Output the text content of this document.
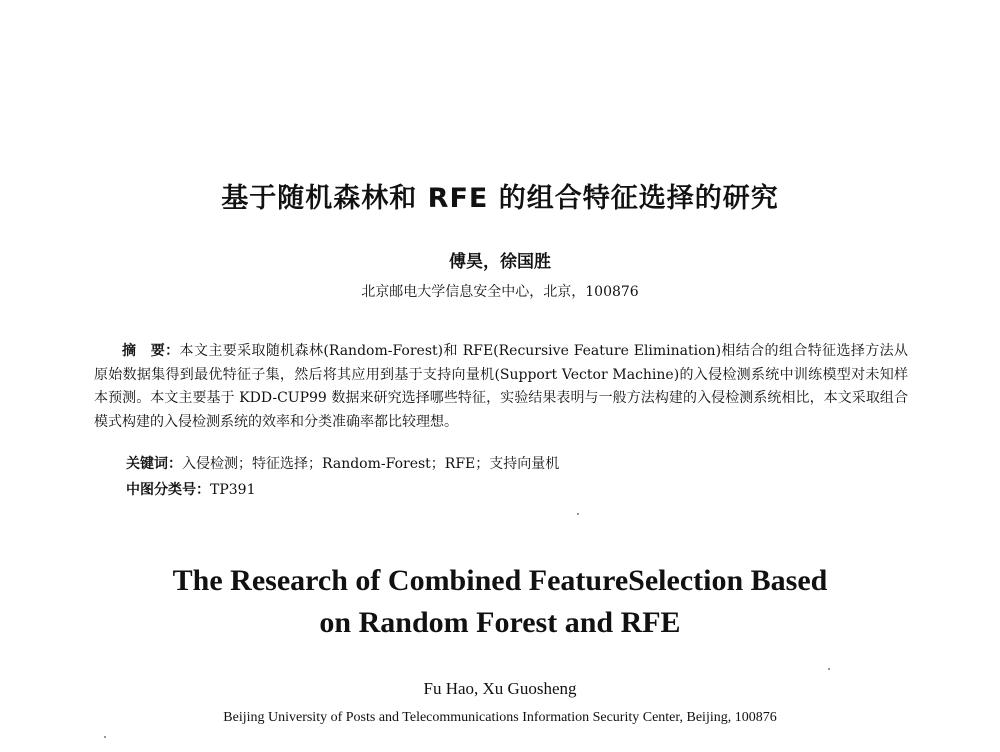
基于随机森林和 RFE 的组合特征选择的研究
傅昊，徐国胜
北京邮电大学信息安全中心，北京，100876
摘　要：本文主要采取随机森林(Random-Forest)和 RFE(Recursive Feature Elimination)相结合的组合特征选择方法从原始数据集得到最优特征子集，然后将其应用到基于支持向量机(Support Vector Machine)的入侵检测系统中训练模型对未知样本预测。本文主要基于 KDD-CUP99 数据来研究选择哪些特征，实验结果表明与一般方法构建的入侵检测系统相比，本文采取组合模式构建的入侵检测系统的效率和分类准确率都比较理想。
关键词：入侵检测；特征选择；Random-Forest；RFE；支持向量机
中图分类号：TP391
The Research of Combined FeatureSelection Based
on Random Forest and RFE
Fu Hao, Xu Guosheng
Beijing University of Posts and Telecommunications Information Security Center, Beijing, 100876
